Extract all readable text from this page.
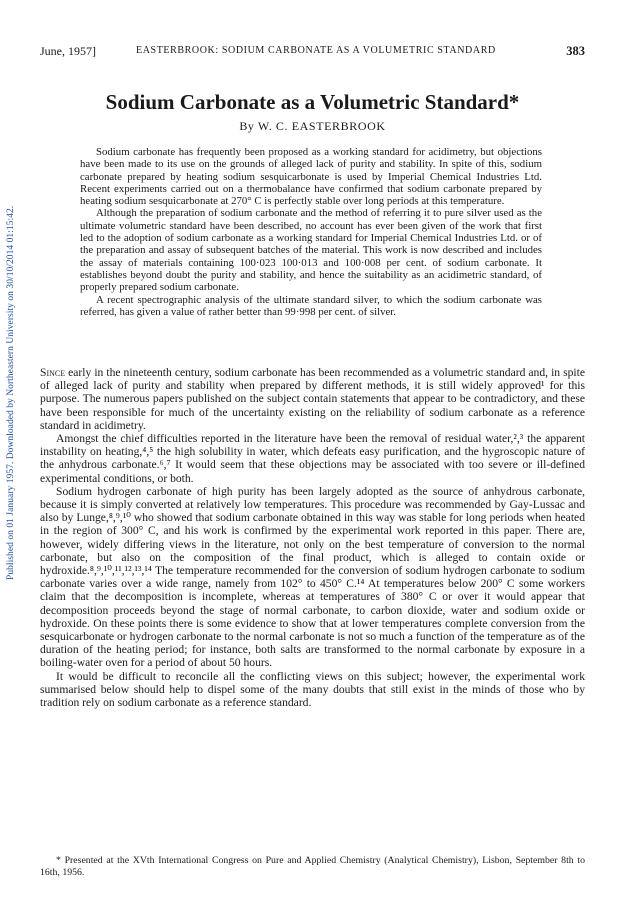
Published on 01 January 1957. Downloaded by Northeastern University on 30/10/2014 01:15:42.
June, 1957]	EASTERBROOK: SODIUM CARBONATE AS A VOLUMETRIC STANDARD	383
Sodium Carbonate as a Volumetric Standard*
By W. C. EASTERBROOK

Sodium carbonate has frequently been proposed as a working standard for acidimetry, but objections have been made to its use on the grounds of alleged lack of purity and stability. In spite of this, sodium carbonate prepared by heating sodium sesquicarbonate is used by Imperial Chemical Industries Ltd. Recent experiments carried out on a thermobalance have confirmed that sodium carbonate prepared by heating sodium sesquicarbonate at 270° C is perfectly stable over long periods at this temperature.

Although the preparation of sodium carbonate and the method of referring it to pure silver used as the ultimate volumetric standard have been described, no account has ever been given of the work that first led to the adoption of sodium carbonate as a working standard for Imperial Chemical Industries Ltd. or of the preparation and assay of subsequent batches of the material. This work is now described and includes the assay of materials containing 100·023 100·013 and 100·008 per cent. of sodium carbonate. It establishes beyond doubt the purity and stability, and hence the suitability as an acidimetric standard, of properly prepared sodium carbonate.

A recent spectrographic analysis of the ultimate standard silver, to which the sodium carbonate was referred, has given a value of rather better than 99·998 per cent. of silver.

Since early in the nineteenth century, sodium carbonate has been recommended as a volumetric standard and, in spite of alleged lack of purity and stability when prepared by different methods, it is still widely approved¹ for this purpose. The numerous papers published on the subject contain statements that appear to be contradictory, and these have been responsible for much of the uncertainty existing on the reliability of sodium carbonate as a reference standard in acidimetry.

Amongst the chief difficulties reported in the literature have been the removal of residual water,²,³ the apparent instability on heating,⁴,⁵ the high solubility in water, which defeats easy purification, and the hygroscopic nature of the anhydrous carbonate.⁶,⁷ It would seem that these objections may be associated with too severe or ill-defined experimental conditions, or both.

Sodium hydrogen carbonate of high purity has been largely adopted as the source of anhydrous carbonate, because it is simply converted at relatively low temperatures. This procedure was recommended by Gay-Lussac and also by Lunge,⁸,⁹,¹⁰ who showed that sodium carbonate obtained in this way was stable for long periods when heated in the region of 300° C, and his work is confirmed by the experimental work reported in this paper. There are, however, widely differing views in the literature, not only on the best temperature of conversion to the normal carbonate, but also on the composition of the final product, which is alleged to contain oxide or hydroxide.⁸,⁹,¹⁰,¹¹,¹²,¹³,¹⁴ The temperature recommended for the conversion of sodium hydrogen carbonate to sodium carbonate varies over a wide range, namely from 102° to 450° C.¹⁴ At temperatures below 200° C some workers claim that the decomposition is incomplete, whereas at temperatures of 380° C or over it would appear that decomposition proceeds beyond the stage of normal carbonate, to carbon dioxide, water and sodium oxide or hydroxide. On these points there is some evidence to show that at lower temperatures complete conversion from the sesquicarbonate or hydrogen carbonate to the normal carbonate is not so much a function of the temperature as of the duration of the heating period; for instance, both salts are transformed to the normal carbonate by exposure in a boiling-water oven for a period of about 50 hours.

It would be difficult to reconcile all the conflicting views on this subject; however, the experimental work summarised below should help to dispel some of the many doubts that still exist in the minds of those who by tradition rely on sodium carbonate as a reference standard.

* Presented at the XVth International Congress on Pure and Applied Chemistry (Analytical Chemistry), Lisbon, September 8th to 16th, 1956.
